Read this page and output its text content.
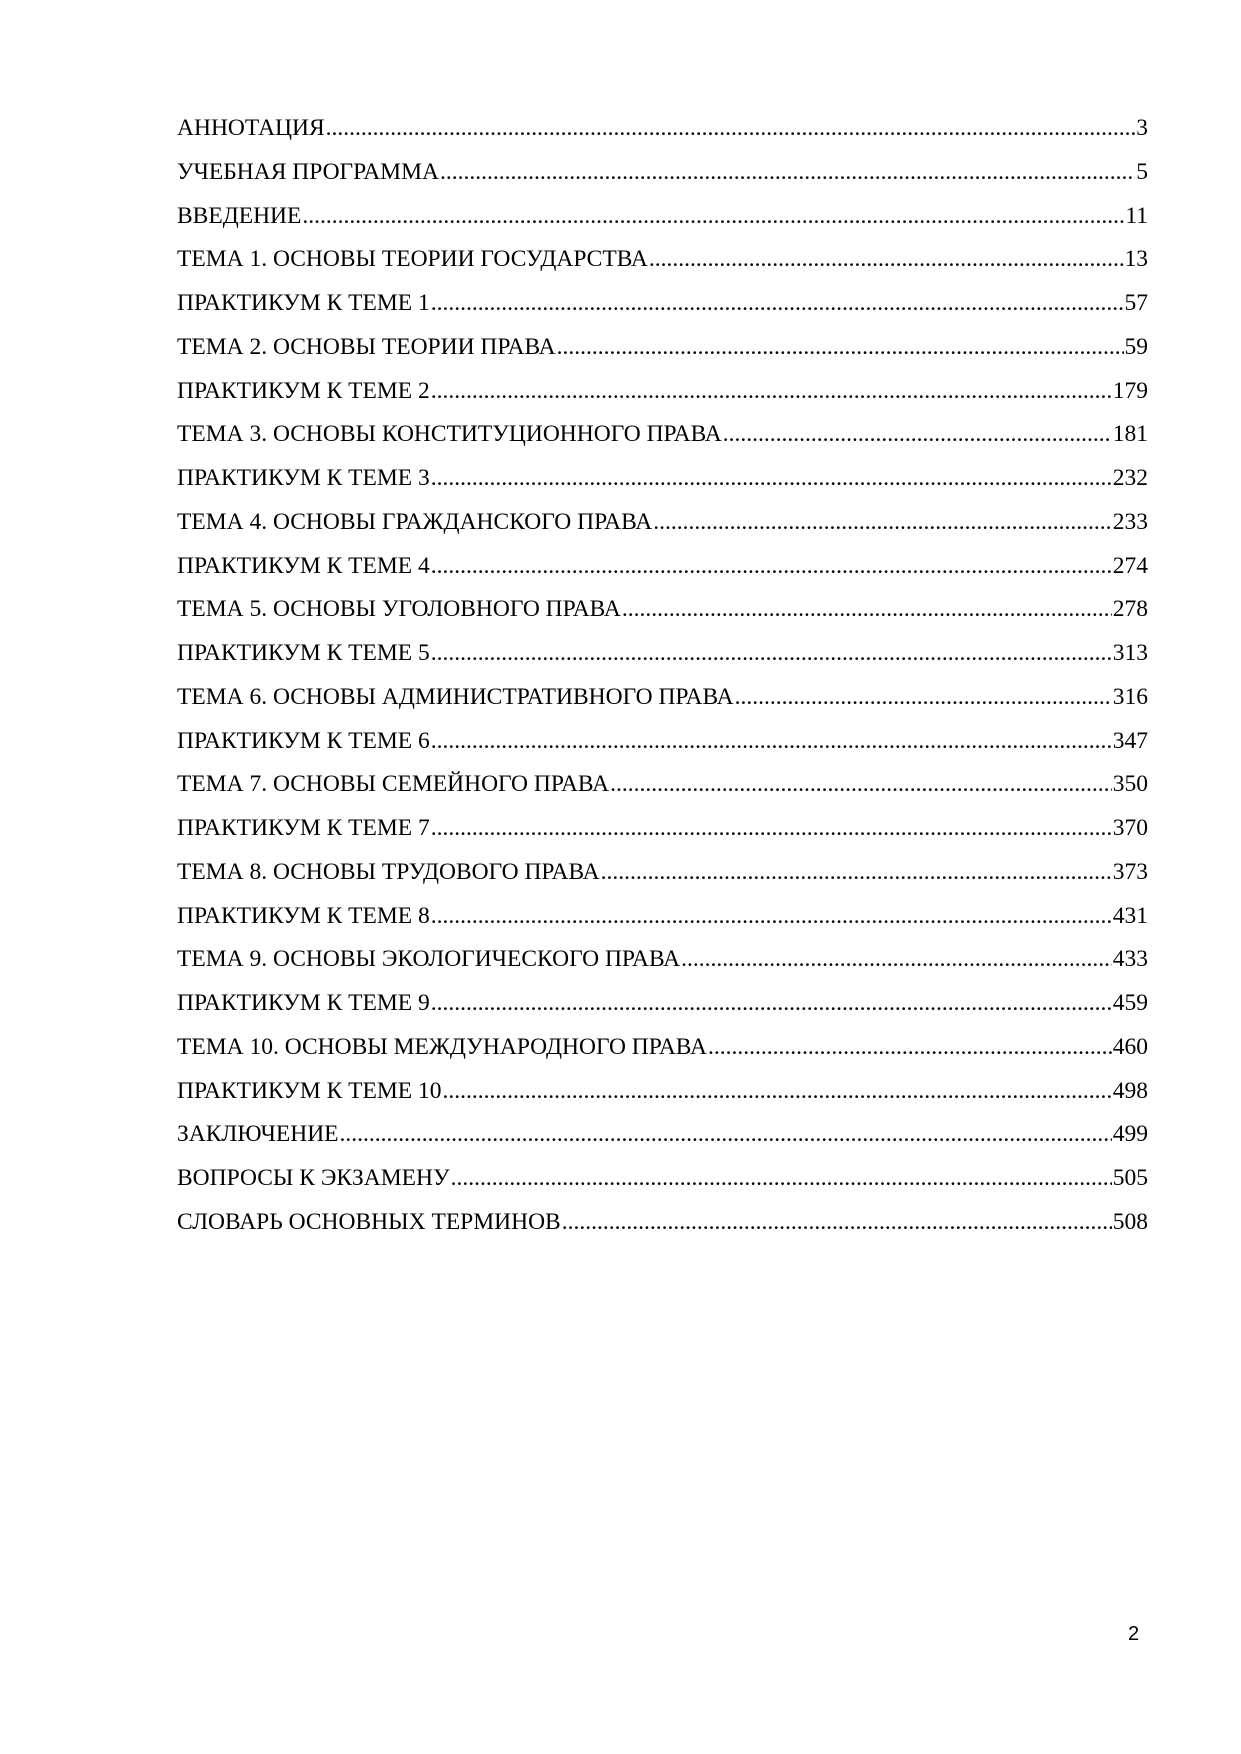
АННОТАЦИЯ .....	3
УЧЕБНАЯ ПРОГРАММА .....	5
ВВЕДЕНИЕ .....	11
ТЕМА 1. ОСНОВЫ ТЕОРИИ ГОСУДАРСТВА .....	13
ПРАКТИКУМ К ТЕМЕ 1 .....	57
ТЕМА 2. ОСНОВЫ ТЕОРИИ ПРАВА .....	59
ПРАКТИКУМ К ТЕМЕ 2 .....	179
ТЕМА 3. ОСНОВЫ КОНСТИТУЦИОННОГО ПРАВА .....	181
ПРАКТИКУМ К ТЕМЕ 3 .....	232
ТЕМА 4. ОСНОВЫ ГРАЖДАНСКОГО ПРАВА .....	233
ПРАКТИКУМ К ТЕМЕ 4 .....	274
ТЕМА 5. ОСНОВЫ УГОЛОВНОГО ПРАВА .....	278
ПРАКТИКУМ К ТЕМЕ 5 .....	313
ТЕМА 6. ОСНОВЫ АДМИНИСТРАТИВНОГО ПРАВА .....	316
ПРАКТИКУМ К ТЕМЕ 6 .....	347
ТЕМА 7. ОСНОВЫ СЕМЕЙНОГО ПРАВА .....	350
ПРАКТИКУМ К ТЕМЕ 7 .....	370
ТЕМА 8. ОСНОВЫ ТРУДОВОГО ПРАВА .....	373
ПРАКТИКУМ К ТЕМЕ 8 .....	431
ТЕМА 9. ОСНОВЫ ЭКОЛОГИЧЕСКОГО ПРАВА .....	433
ПРАКТИКУМ К ТЕМЕ 9 .....	459
ТЕМА 10. ОСНОВЫ МЕЖДУНАРОДНОГО ПРАВА .....	460
ПРАКТИКУМ К ТЕМЕ 10 .....	498
ЗАКЛЮЧЕНИЕ .....	499
ВОПРОСЫ К ЭКЗАМЕНУ .....	505
СЛОВАРЬ ОСНОВНЫХ ТЕРМИНОВ .....	508
2
